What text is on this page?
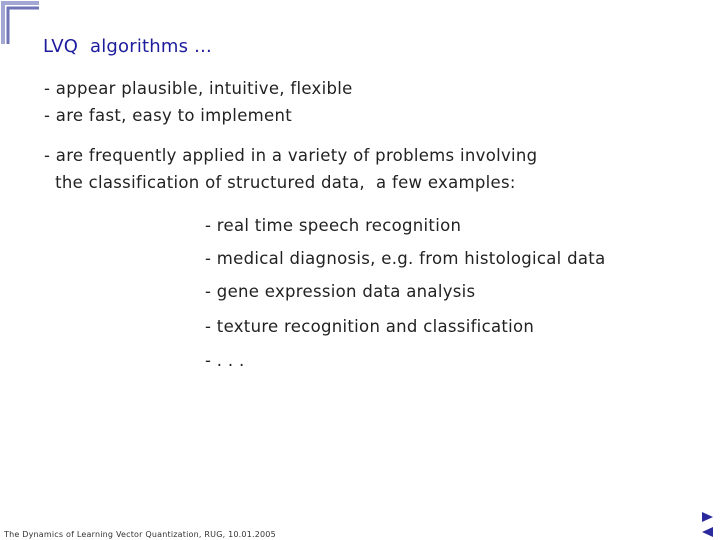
LVQ  algorithms ...
- appear plausible, intuitive, flexible
- are fast, easy to implement
- are frequently applied in a variety of problems involving
the classification of structured data,  a few examples:
- real time speech recognition
- medical diagnosis, e.g. from histological data
- gene expression data analysis
- texture recognition and classification
- . . .
The Dynamics of Learning Vector Quantization, RUG, 10.01.2005
